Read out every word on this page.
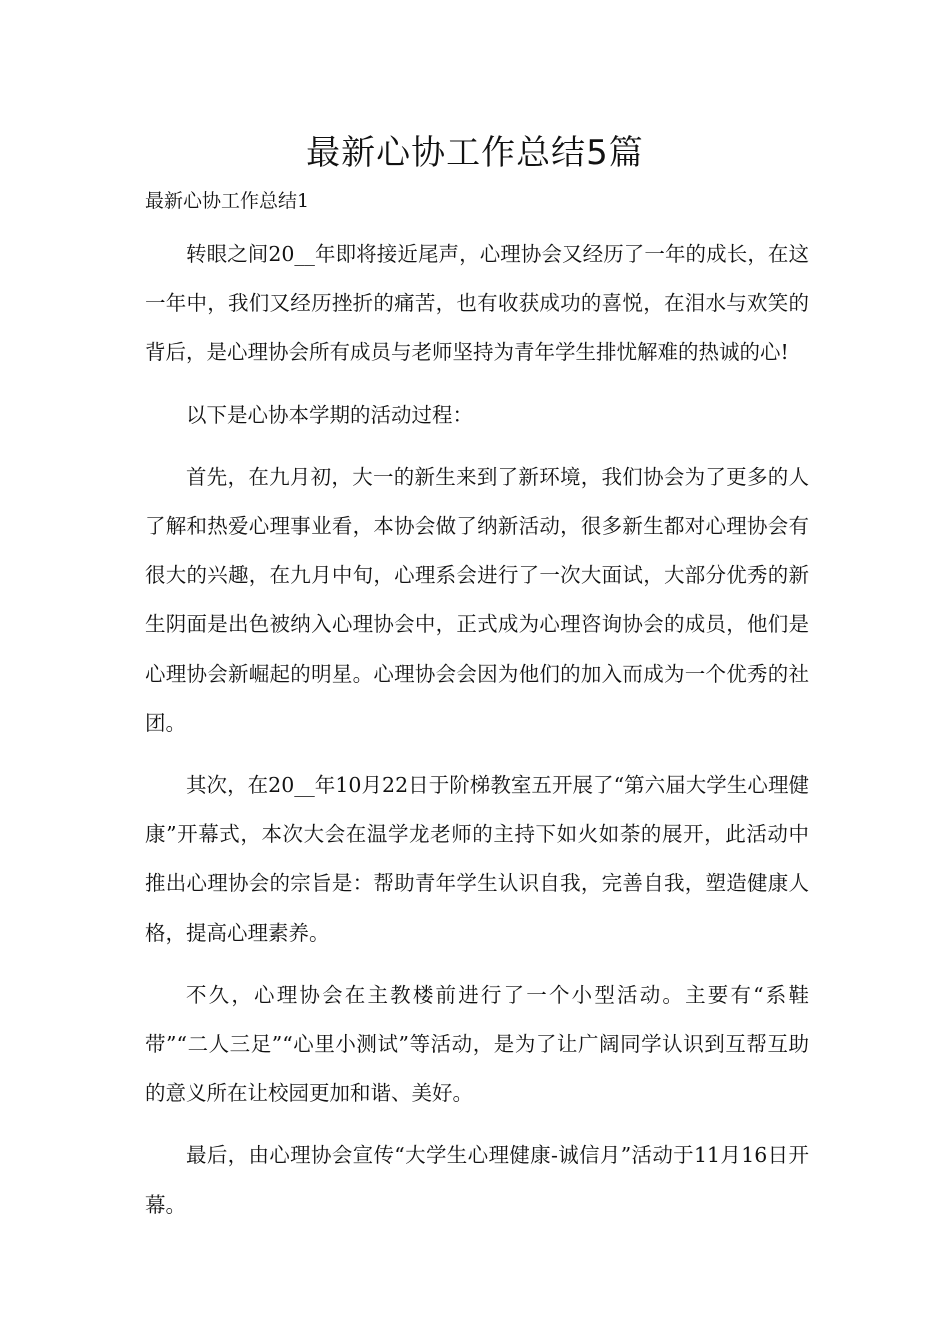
最新心协工作总结5篇

最新心协工作总结1

转眼之间20__年即将接近尾声，心理协会又经历了一年的成长，在这一年中，我们又经历挫折的痛苦，也有收获成功的喜悦，在泪水与欢笑的背后，是心理协会所有成员与老师坚持为青年学生排忧解难的热诚的心!

以下是心协本学期的活动过程：

首先，在九月初，大一的新生来到了新环境，我们协会为了更多的人了解和热爱心理事业看，本协会做了纳新活动，很多新生都对心理协会有很大的兴趣，在九月中旬，心理系会进行了一次大面试，大部分优秀的新生阴面是出色被纳入心理协会中，正式成为心理咨询协会的成员，他们是心理协会新崛起的明星。心理协会会因为他们的加入而成为一个优秀的社团。

其次，在20__年10月22日于阶梯教室五开展了“第六届大学生心理健康”开幕式，本次大会在温学龙老师的主持下如火如荼的展开，此活动中推出心理协会的宗旨是：帮助青年学生认识自我，完善自我，塑造健康人格，提高心理素养。

不久，心理协会在主教楼前进行了一个小型活动。主要有“系鞋带”“二人三足”“心里小测试”等活动，是为了让广阔同学认识到互帮互助的意义所在让校园更加和谐、美好。

最后，由心理协会宣传“大学生心理健康-诚信月”活动于11月16日开幕。
